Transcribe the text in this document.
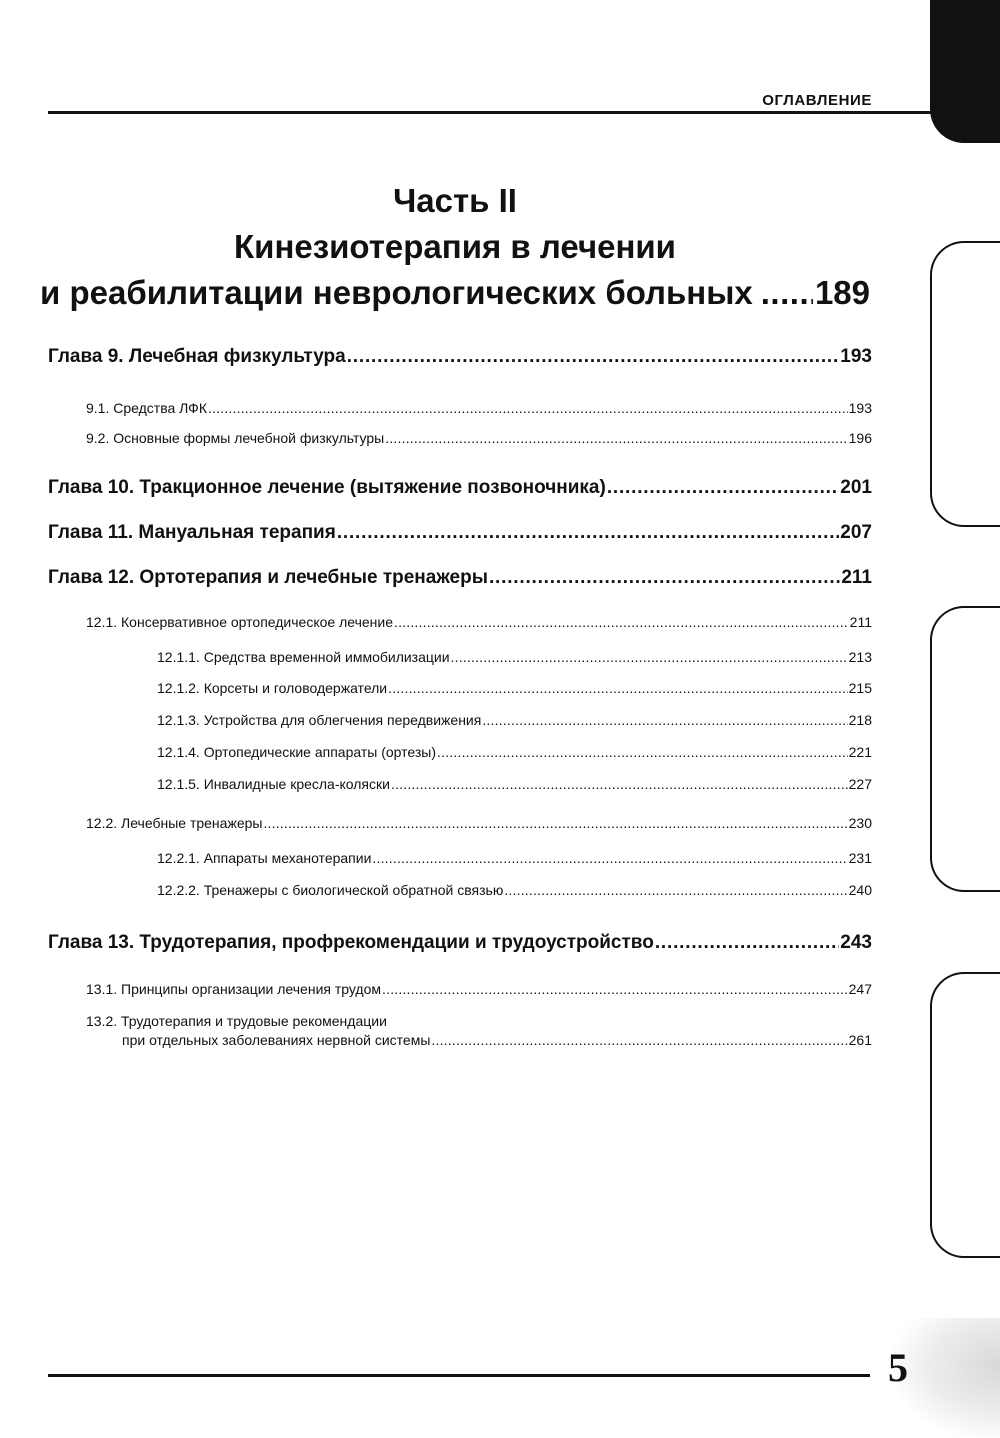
ОГЛАВЛЕНИЕ
Часть II
Кинезиотерапия в лечении
и реабилитации неврологических больных ..... 189
Глава 9. Лечебная физкультура .....	193
9.1. Средства ЛФК .....	193
9.2. Основные формы лечебной физкультуры .....	196
Глава 10. Тракционное лечение (вытяжение позвоночника) .....	201
Глава 11. Мануальная терапия .....	207
Глава 12. Ортотерапия и лечебные тренажеры .....	211
12.1. Консервативное ортопедическое лечение .....	211
12.1.1. Средства временной иммобилизации .....	213
12.1.2. Корсеты и головодержатели .....	215
12.1.3. Устройства для облегчения передвижения .....	218
12.1.4. Ортопедические аппараты (ортезы) .....	221
12.1.5. Инвалидные кресла-коляски .....	227
12.2. Лечебные тренажеры .....	230
12.2.1. Аппараты механотерапии .....	231
12.2.2. Тренажеры с биологической обратной связью .....	240
Глава 13. Трудотерапия, профрекомендации и трудоустройство .....	243
13.1. Принципы организации лечения трудом .....	247
13.2. Трудотерапия и трудовые рекомендации
при отдельных заболеваниях нервной системы .....	261
5
